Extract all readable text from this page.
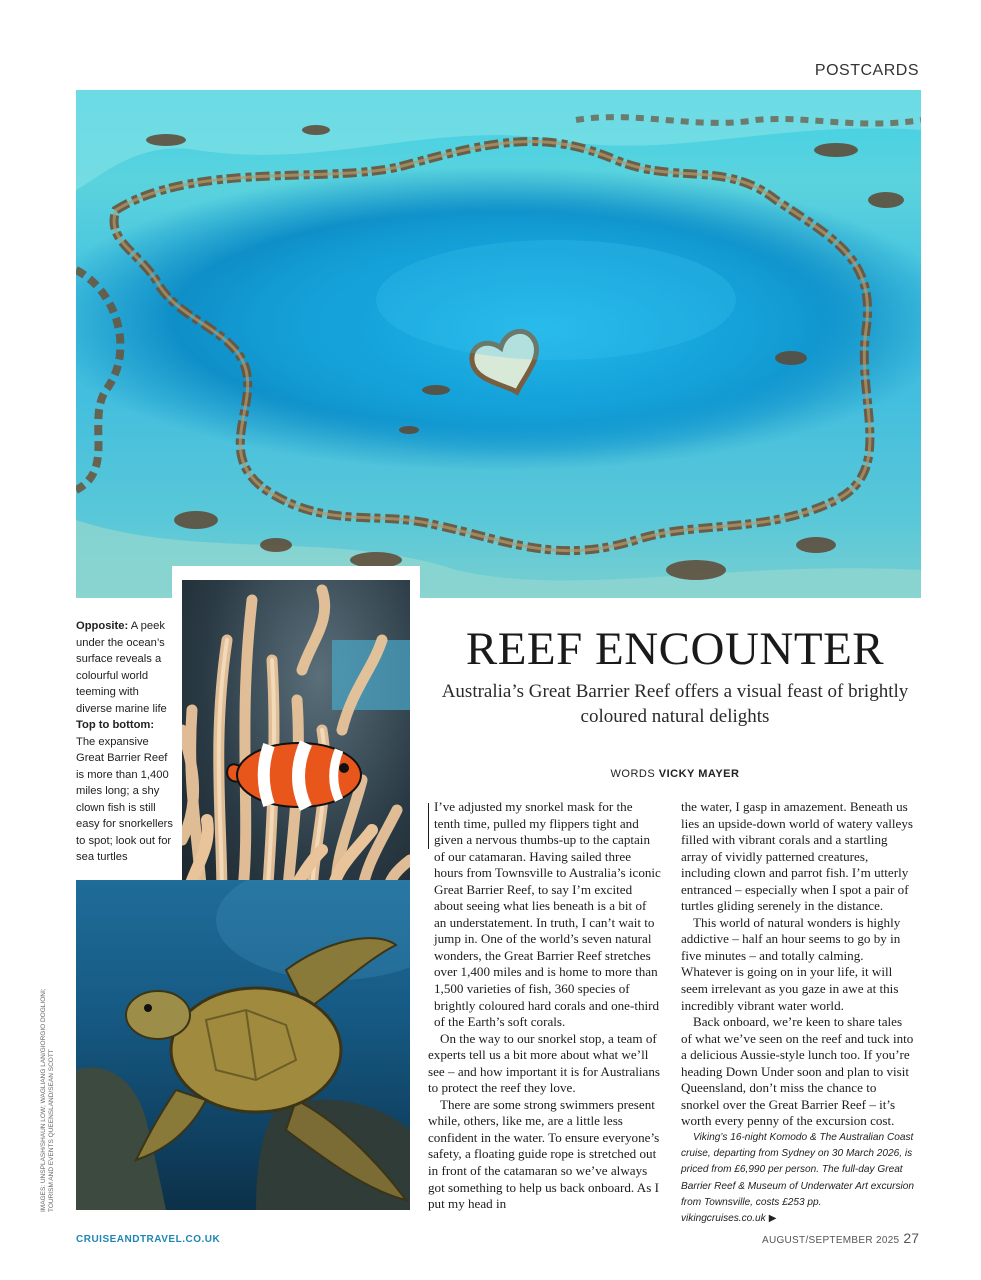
POSTCARDS
Opposite: A peek under the ocean’s surface reveals a colourful world teeming with diverse marine life
Top to bottom: The expansive Great Barrier Reef is more than 1,400 miles long; a shy clown fish is still easy for snorkellers to spot; look out for sea turtles
IMAGES: UNSPLASH/SHAUN LOW; WAGLIANG LAN/GIORGIO DOGLIONI; TOURISM AND EVENTS QUEENSLAND/SEAN SCOTT
REEF ENCOUNTER
Australia’s Great Barrier Reef offers a visual feast of brightly coloured natural delights
WORDS VICKY MAYER

I’ve adjusted my snorkel mask for the tenth time, pulled my flippers tight and given a nervous thumbs-up to the captain of our catamaran. Having sailed three hours from Townsville to Australia’s iconic Great Barrier Reef, to say I’m excited about seeing what lies beneath is a bit of an understatement. In truth, I can’t wait to jump in. One of the world’s seven natural wonders, the Great Barrier Reef stretches over 1,400 miles and is home to more than 1,500 varieties of fish, 360 species of brightly coloured hard corals and one-third of the Earth’s soft corals.

On the way to our snorkel stop, a team of experts tell us a bit more about what we’ll see – and how important it is for Australians to protect the reef they love.

There are some strong swimmers present while, others, like me, are a little less confident in the water. To ensure everyone’s safety, a floating guide rope is stretched out in front of the catamaran so we’ve always got something to help us back onboard. As I put my head in

the water, I gasp in amazement. Beneath us lies an upside-down world of watery valleys filled with vibrant corals and a startling array of vividly patterned creatures, including clown and parrot fish. I’m utterly entranced – especially when I spot a pair of turtles gliding serenely in the distance.

This world of natural wonders is highly addictive – half an hour seems to go by in five minutes – and totally calming. Whatever is going on in your life, it will seem irrelevant as you gaze in awe at this incredibly vibrant water world.

Back onboard, we’re keen to share tales of what we’ve seen on the reef and tuck into a delicious Aussie-style lunch too. If you’re heading Down Under soon and plan to visit Queensland, don’t miss the chance to snorkel over the Great Barrier Reef – it’s worth every penny of the excursion cost.

Viking’s 16-night Komodo & The Australian Coast cruise, departing from Sydney on 30 March 2026, is priced from £6,990 per person. The full-day Great Barrier Reef & Museum of Underwater Art excursion from Townsville, costs £253 pp. vikingcruises.co.uk ▶

CRUISEANDTRAVEL.CO.UK	AUGUST/SEPTEMBER 2025 27
